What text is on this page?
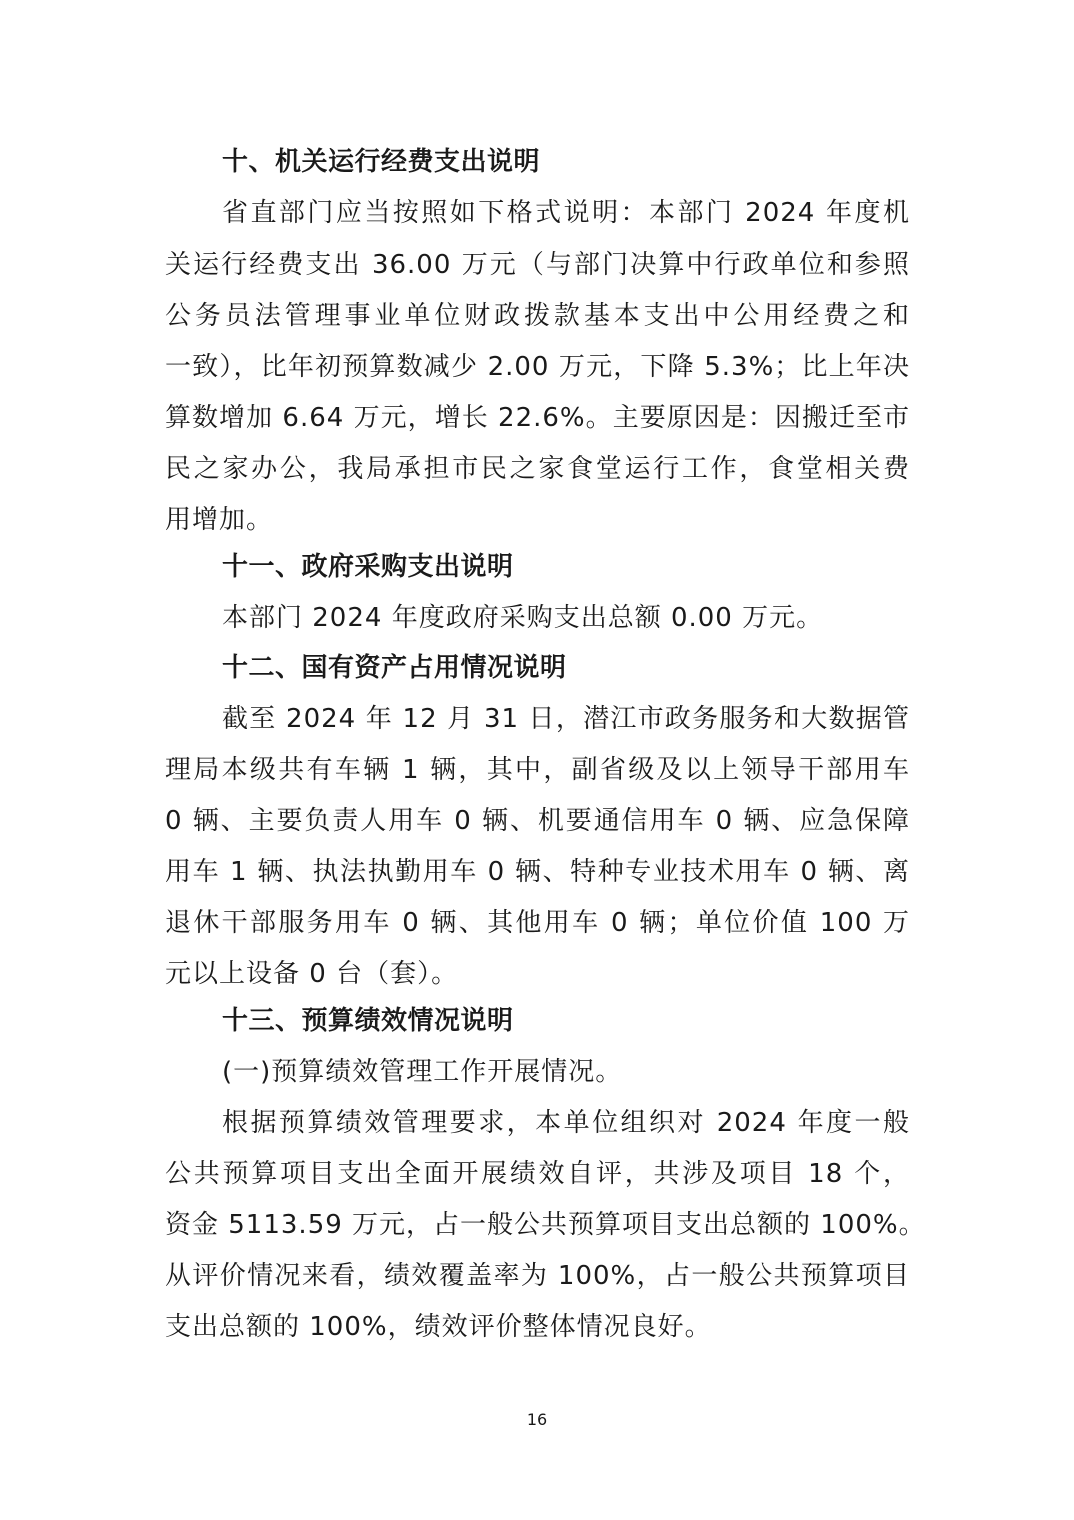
十、机关运行经费支出说明
省直部门应当按照如下格式说明：本部门 2024 年度机
关运行经费支出 36.00 万元（与部门决算中行政单位和参照
公务员法管理事业单位财政拨款基本支出中公用经费之和
一致），比年初预算数减少 2.00 万元，下降 5.3%；比上年决
算数增加 6.64 万元，增长 22.6%。主要原因是：因搬迁至市
民之家办公，我局承担市民之家食堂运行工作，食堂相关费
用增加。
十一、政府采购支出说明
本部门 2024 年度政府采购支出总额 0.00 万元。
十二、国有资产占用情况说明
截至 2024 年 12 月 31 日，潜江市政务服务和大数据管
理局本级共有车辆 1 辆，其中，副省级及以上领导干部用车
0 辆、主要负责人用车 0 辆、机要通信用车 0 辆、应急保障
用车 1 辆、执法执勤用车 0 辆、特种专业技术用车 0 辆、离
退休干部服务用车 0 辆、其他用车 0 辆；单位价值 100 万
元以上设备 0 台（套）。
十三、预算绩效情况说明
(一)预算绩效管理工作开展情况。
根据预算绩效管理要求，本单位组织对 2024 年度一般
公共预算项目支出全面开展绩效自评，共涉及项目 18 个，
资金 5113.59 万元，占一般公共预算项目支出总额的 100%。
从评价情况来看，绩效覆盖率为 100%，占一般公共预算项目
支出总额的 100%，绩效评价整体情况良好。
16
